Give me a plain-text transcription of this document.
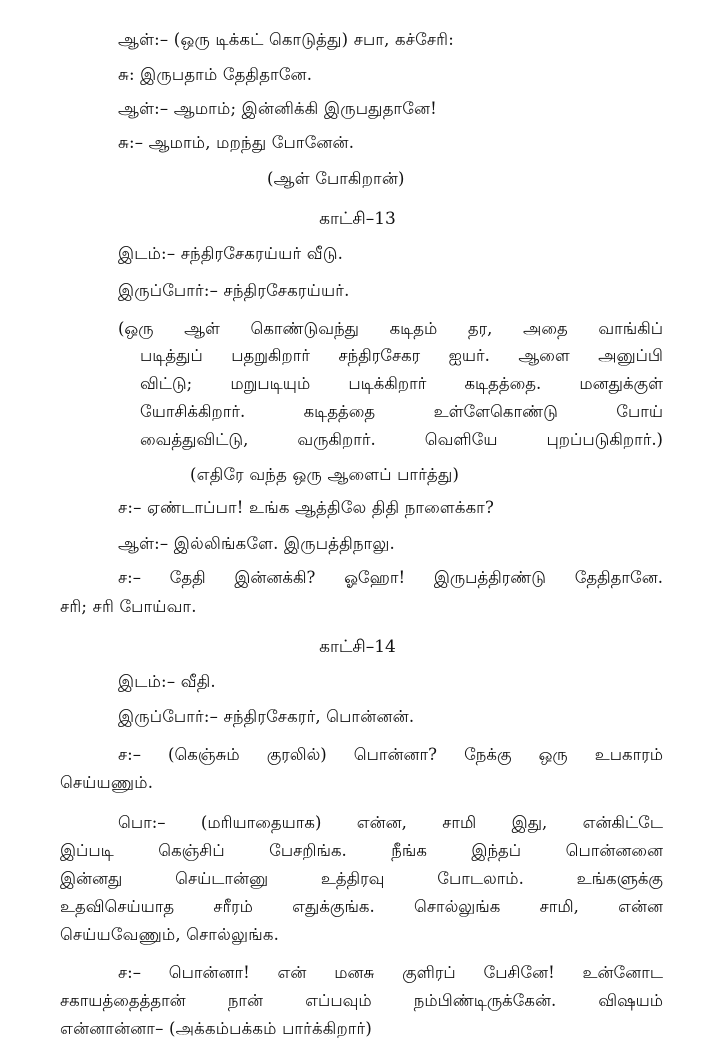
ஆள்:– (ஒரு டிக்கட் கொடுத்து) சபா, கச்சேரி:
சு: இருபதாம் தேதிதானே.
ஆள்:– ஆமாம்; இன்னிக்கி இருபதுதானே!
சு:– ஆமாம், மறந்து போனேன்.
(ஆள் போகிறான்)
காட்சி–13
இடம்:– சந்திரசேகரய்யர் வீடு.
இருப்போர்:– சந்திரசேகரய்யர்.
(ஒரு ஆள் கொண்டுவந்து கடிதம் தர, அதை வாங்கிப்
படித்துப் பதறுகிறார் சந்திரசேகர ஐயர். ஆளை அனுப்பி
விட்டு; மறுபடியும் படிக்கிறார் கடிதத்தை. மனதுக்குள்
யோசிக்கிறார். கடிதத்தை உள்ளேகொண்டு போய்
வைத்துவிட்டு, வருகிறார். வெளியே புறப்படுகிறார்.)
(எதிரே வந்த ஒரு ஆளைப் பார்த்து)
ச:– ஏண்டாப்பா! உங்க ஆத்திலே திதி நாளைக்கா?
ஆள்:– இல்லிங்களே. இருபத்திநாலு.
ச:– தேதி இன்னக்கி? ஓஹோ! இருபத்திரண்டு தேதிதானே.
சரி; சரி போய்வா.
காட்சி–14
இடம்:– வீதி.
இருப்போர்:– சந்திரசேகரர், பொன்னன்.
ச:– (கெஞ்சும் குரலில்) பொன்னா? நேக்கு ஒரு உபகாரம்
செய்யணும்.
பொ:– (மரியாதையாக) என்ன, சாமி இது, என்கிட்டே
இப்படி கெஞ்சிப் பேசறிங்க. நீங்க இந்தப் பொன்னனை
இன்னது செய்டான்னு உத்திரவு போடலாம். உங்களுக்கு
உதவிசெய்யாத சரீரம் எதுக்குங்க. சொல்லுங்க சாமி, என்ன
செய்யவேணும், சொல்லுங்க.
ச:– பொன்னா! என் மனசு குளிரப் பேசினே! உன்னோட
சகாயத்தைத்தான் நான் எப்பவும் நம்பிண்டிருக்கேன். விஷயம்
என்னான்னா– (அக்கம்பக்கம் பார்க்கிறார்)
